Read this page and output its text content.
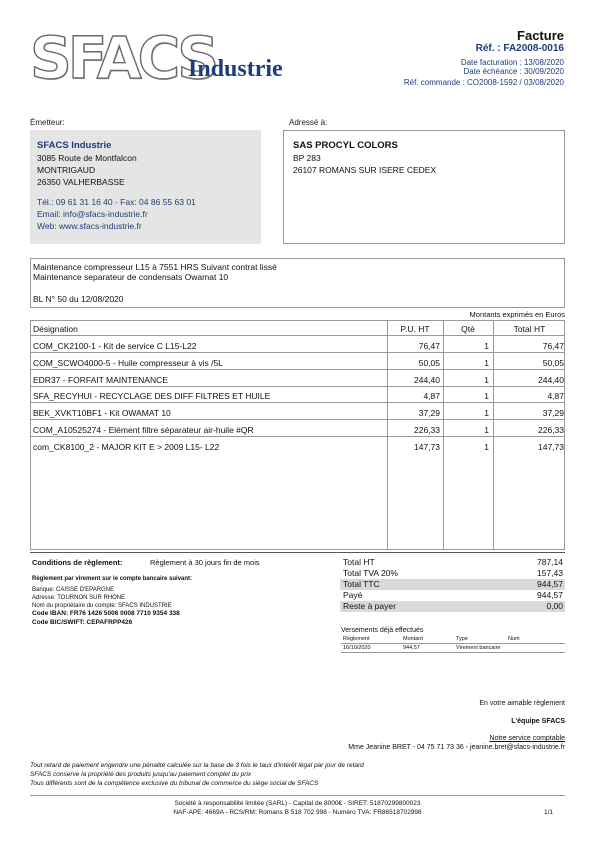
SFACS
Industrie
Facture
Réf. : FA2008-0016
Date facturation : 13/08/2020
Date échéance : 30/09/2020
Réf. commande : CO2008-1592 / 03/08/2020
Émetteur:
SFACS Industrie
3085 Route de Montfalcon
MONTRIGAUD
26350 VALHERBASSE
Tél.: 09 61 31 16 40 - Fax: 04 86 55 63 01
Email: info@sfacs-industrie.fr
Web: www.sfacs-industrie.fr
Adressé à:
SAS PROCYL COLORS
BP 283
26107 ROMANS SUR ISERE CEDEX
Maintenance compresseur L15 à 7551 HRS Suivant contrat lissé
Maintenance separateur de condensats Owamat 10
BL N° 50 du 12/08/2020
Montants exprimés en Euros
Désignation	P.U. HT	Qté	Total HT
COM_CK2100-1 - Kit de service C L15-L22	76,47	1	76,47
COM_SCWO4000-5 - Huile compresseur à vis /5L	50,05	1	50,05
EDR37 - FORFAIT MAINTENANCE	244,40	1	244,40
SFA_RECYHUI - RECYCLAGE DES DIFF FILTRES ET HUILE	4,87	1	4,87
BEK_XVKT10BF1 - Kit OWAMAT 10	37,29	1	37,29
COM_A10525274 - Elément filtre séparateur air-huile #QR	226,33	1	226,33
com_CK8100_2 - MAJOR KIT E > 2009 L15- L22	147,73	1	147,73
Conditions de règlement:	Règlement à 30 jours fin de mois
Règlement par virement sur le compte bancaire suivant:
Banque: CAISSE D'EPARGNE
Adresse: TOURNON SUR RHONE
Nom du propriétaire du compte: SFACS INDUSTRIE
Code IBAN: FR76 1426 5006 0008 7710 9354 338
Code BIC/SWIFT: CEPAFRPP426
Total HT	787,14
Total TVA 20%	157,43
Total TTC	944,57
Payé	944,57
Reste à payer	0,00
Versements déjà effectués
Règlement	Montant	Type	Num
16/10/2020	944,57	Virement bancaire
En votre aimable règlement
L'équipe SFACS
Notre service comptable
Mme Jeanine BRET - 04 75 71 73 36 - jeanine.bret@sfacs-industrie.fr
Tout retard de paiement engendre une pénalité calculée sur la base de 3 fois le taux d'intérêt légal par jour de retard
SFACS conserve la propriété des produits jusqu'au paiement complet du prix
Tous différents sont de la compétence exclusive du tribunal de commerce du siège social de SFACS
Société à responsabilité limitée (SARL) - Capital de 8000€ - SIRET: 51870299800023
NAF-APE: 4669A - RCS/RM: Romans B 518 702 998 - Numéro TVA: FR86518702998	1/1
